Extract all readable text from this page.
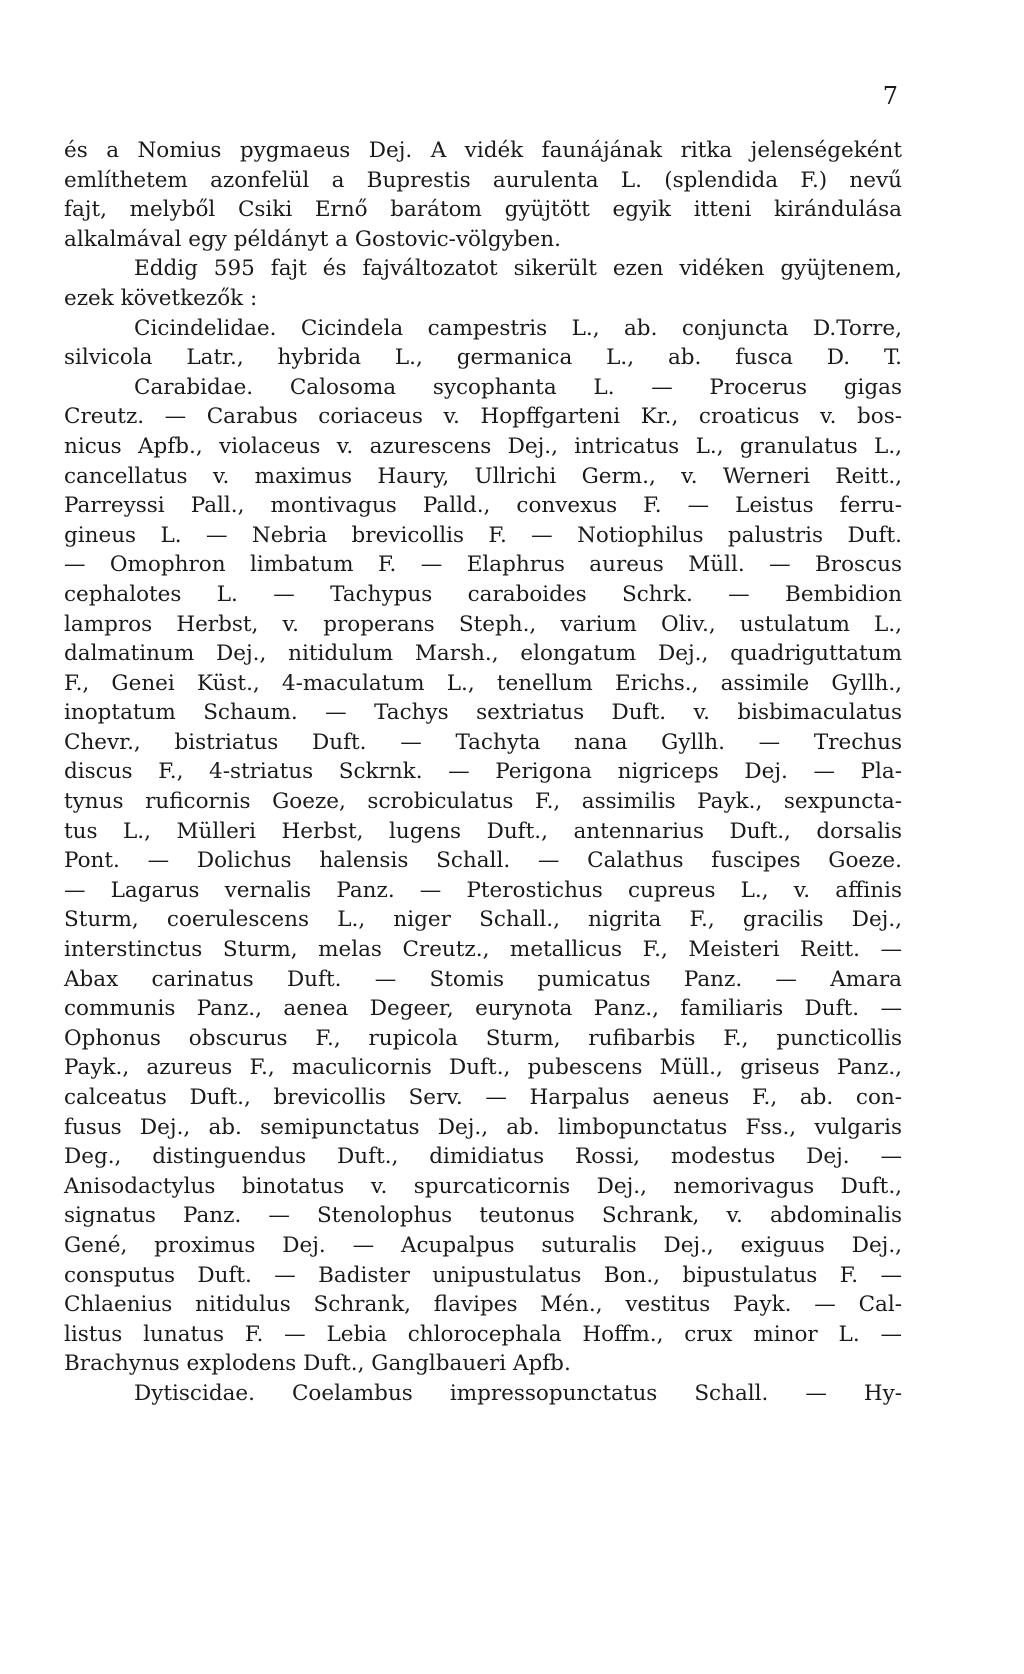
7
és a Nomius pygmaeus Dej. A vidék faunájának ritka jelenségeként
említhetem azonfelül a Buprestis aurulenta L. (splendida F.) nevű
fajt, melyből Csiki Ernő barátom gyüjtött egyik itteni kirándulása
alkalmával egy példányt a Gostovic-völgyben.
Eddig 595 fajt és fajváltozatot sikerült ezen vidéken gyüjtenem,
ezek következők :
Cicindelidae. Cicindela campestris L., ab. conjuncta D.Torre,
silvicola Latr., hybrida L., germanica L., ab. fusca D. T.
Carabidae. Calosoma sycophanta L. — Procerus gigas
Creutz. — Carabus coriaceus v. Hopffgarteni Kr., croaticus v. bos-
nicus Apfb., violaceus v. azurescens Dej., intricatus L., granulatus L.,
cancellatus v. maximus Haury, Ullrichi Germ., v. Werneri Reitt.,
Parreyssi Pall., montivagus Palld., convexus F. — Leistus ferru-
gineus L. — Nebria brevicollis F. — Notiophilus palustris Duft.
— Omophron limbatum F. — Elaphrus aureus Müll. — Broscus
cephalotes L. — Tachypus caraboides Schrk. — Bembidion
lampros Herbst, v. properans Steph., varium Oliv., ustulatum L.,
dalmatinum Dej., nitidulum Marsh., elongatum Dej., quadriguttatum
F., Genei Küst., 4-maculatum L., tenellum Erichs., assimile Gyllh.,
inoptatum Schaum. — Tachys sextriatus Duft. v. bisbimaculatus
Chevr., bistriatus Duft. — Tachyta nana Gyllh. — Trechus
discus F., 4-striatus Sckrnk. — Perigona nigriceps Dej. — Pla-
tynus ruficornis Goeze, scrobiculatus F., assimilis Payk., sexpuncta-
tus L., Mülleri Herbst, lugens Duft., antennarius Duft., dorsalis
Pont. — Dolichus halensis Schall. — Calathus fuscipes Goeze.
— Lagarus vernalis Panz. — Pterostichus cupreus L., v. affinis
Sturm, coerulescens L., niger Schall., nigrita F., gracilis Dej.,
interstinctus Sturm, melas Creutz., metallicus F., Meisteri Reitt. —
Abax carinatus Duft. — Stomis pumicatus Panz. — Amara
communis Panz., aenea Degeer, eurynota Panz., familiaris Duft. —
Ophonus obscurus F., rupicola Sturm, rufibarbis F., puncticollis
Payk., azureus F., maculicornis Duft., pubescens Müll., griseus Panz.,
calceatus Duft., brevicollis Serv. — Harpalus aeneus F., ab. con-
fusus Dej., ab. semipunctatus Dej., ab. limbopunctatus Fss., vulgaris
Deg., distinguendus Duft., dimidiatus Rossi, modestus Dej. —
Anisodactylus binotatus v. spurcaticornis Dej., nemorivagus Duft.,
signatus Panz. — Stenolophus teutonus Schrank, v. abdominalis
Gené, proximus Dej. — Acupalpus suturalis Dej., exiguus Dej.,
consputus Duft. — Badister unipustulatus Bon., bipustulatus F. —
Chlaenius nitidulus Schrank, flavipes Mén., vestitus Payk. — Cal-
listus lunatus F. — Lebia chlorocephala Hoffm., crux minor L. —
Brachynus explodens Duft., Ganglbaueri Apfb.
Dytiscidae. Coelambus impressopunctatus Schall. — Hy-
